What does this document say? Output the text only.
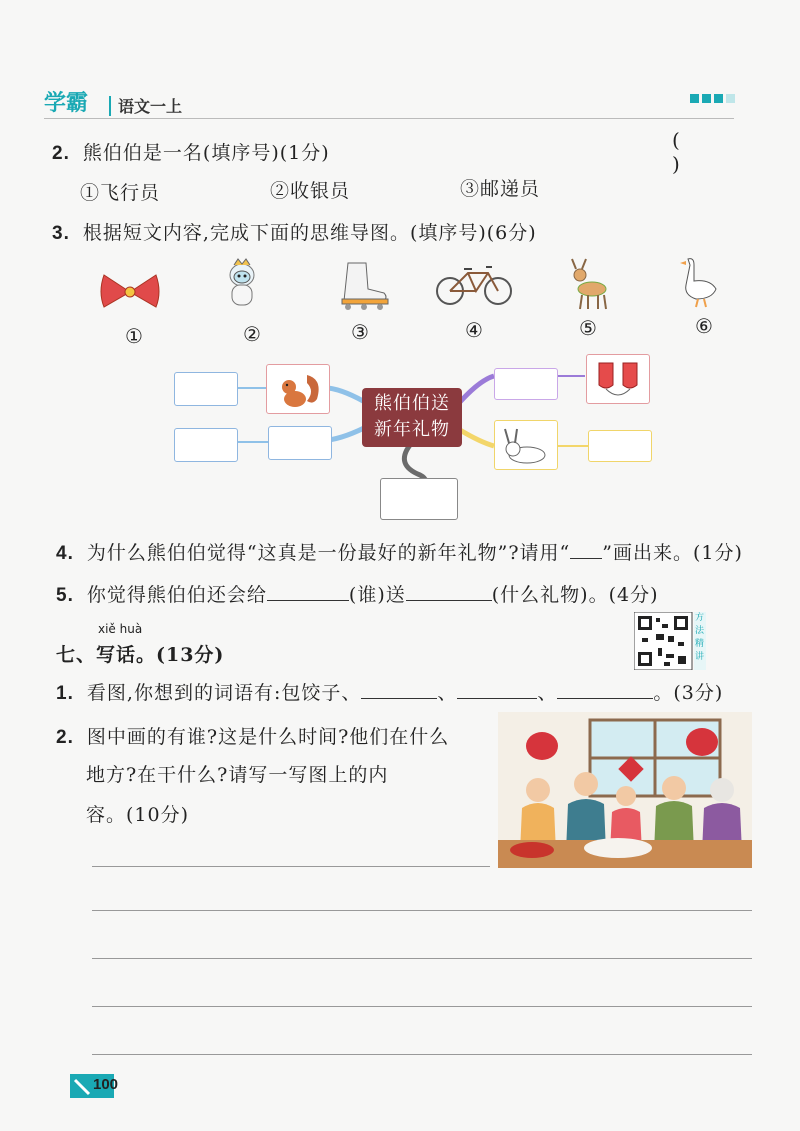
学霸 语文一上
2. 熊伯伯是一名(填序号)(1分)
( )
①飞行员	②收银员	③邮递员
3. 根据短文内容,完成下面的思维导图。(填序号)(6分)
①	②	③	④	⑤	⑥
熊伯伯送
新年礼物
4. 为什么熊伯伯觉得“这真是一份最好的新年礼物”?请用“ ”画出来。(1分)
5. 你觉得熊伯伯还会给	(谁)送	(什么礼物)。(4分)
方法精讲
xiě huà
七、写话。(13分)
1. 看图,你想到的词语有:包饺子、	、	、	。(3分)
2. 图中画的有谁?这是什么时间?他们在什么
地方?在干什么?请写一写图上的内
容。(10分)
100
